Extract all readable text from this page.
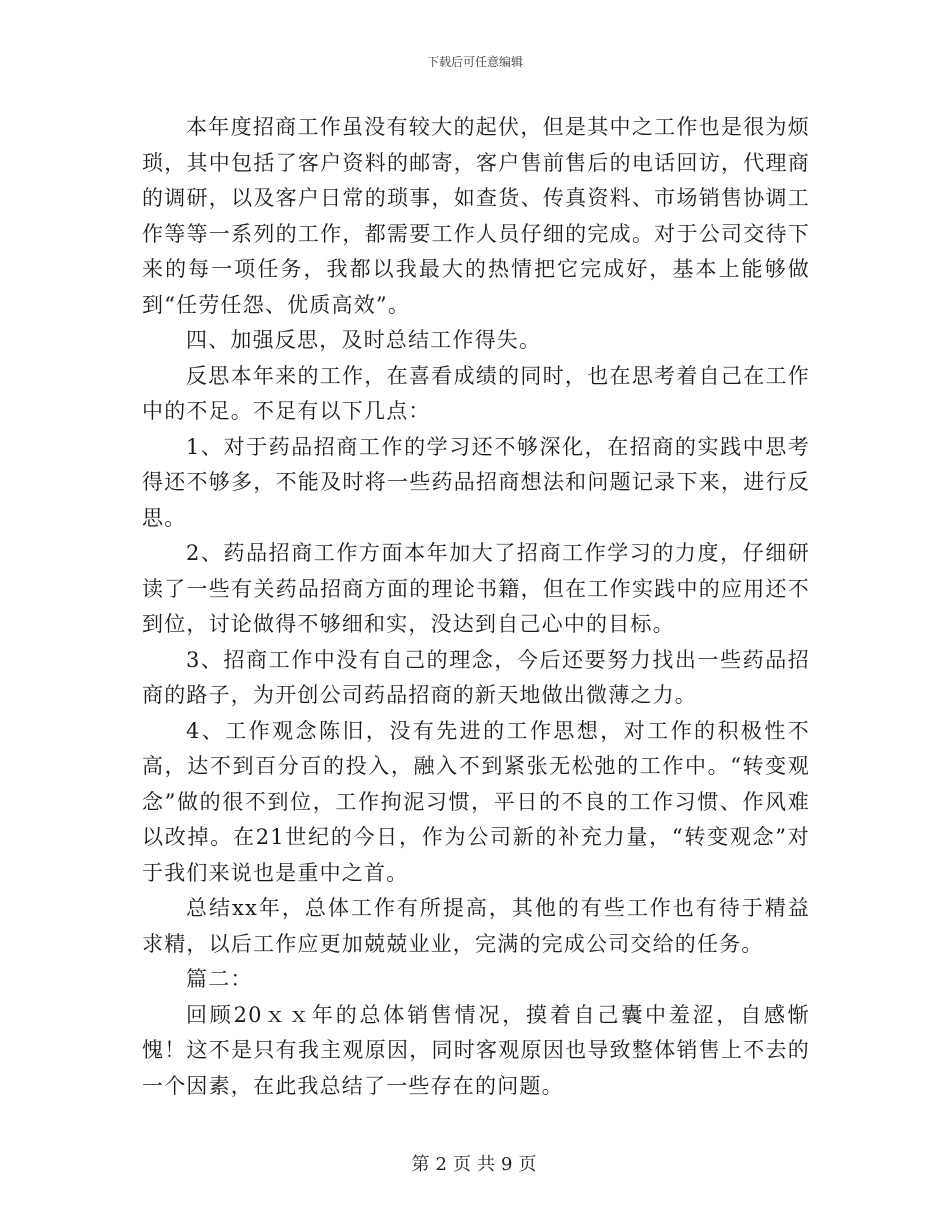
下载后可任意编辑

本年度招商工作虽没有较大的起伏，但是其中之工作也是很为烦琐，其中包括了客户资料的邮寄，客户售前售后的电话回访，代理商的调研，以及客户日常的琐事，如查货、传真资料、市场销售协调工作等等一系列的工作，都需要工作人员仔细的完成。对于公司交待下来的每一项任务，我都以我最大的热情把它完成好，基本上能够做到“任劳任怨、优质高效”。

四、加强反思，及时总结工作得失。

反思本年来的工作，在喜看成绩的同时，也在思考着自己在工作中的不足。不足有以下几点：

1、对于药品招商工作的学习还不够深化，在招商的实践中思考得还不够多，不能及时将一些药品招商想法和问题记录下来，进行反思。

2、药品招商工作方面本年加大了招商工作学习的力度，仔细研读了一些有关药品招商方面的理论书籍，但在工作实践中的应用还不到位，讨论做得不够细和实，没达到自己心中的目标。

3、招商工作中没有自己的理念，今后还要努力找出一些药品招商的路子，为开创公司药品招商的新天地做出微薄之力。

4、工作观念陈旧，没有先进的工作思想，对工作的积极性不高，达不到百分百的投入，融入不到紧张无松弛的工作中。“转变观念”做的很不到位，工作拘泥习惯，平日的不良的工作习惯、作风难以改掉。在21世纪的今日，作为公司新的补充力量，“转变观念”对于我们来说也是重中之首。

总结xx年，总体工作有所提高，其他的有些工作也有待于精益求精，以后工作应更加兢兢业业，完满的完成公司交给的任务。

篇二：

回顾20ｘｘ年的总体销售情况，摸着自己囊中羞涩，自感惭愧！这不是只有我主观原因，同时客观原因也导致整体销售上不去的一个因素，在此我总结了一些存在的问题。

第 2 页 共 9 页
